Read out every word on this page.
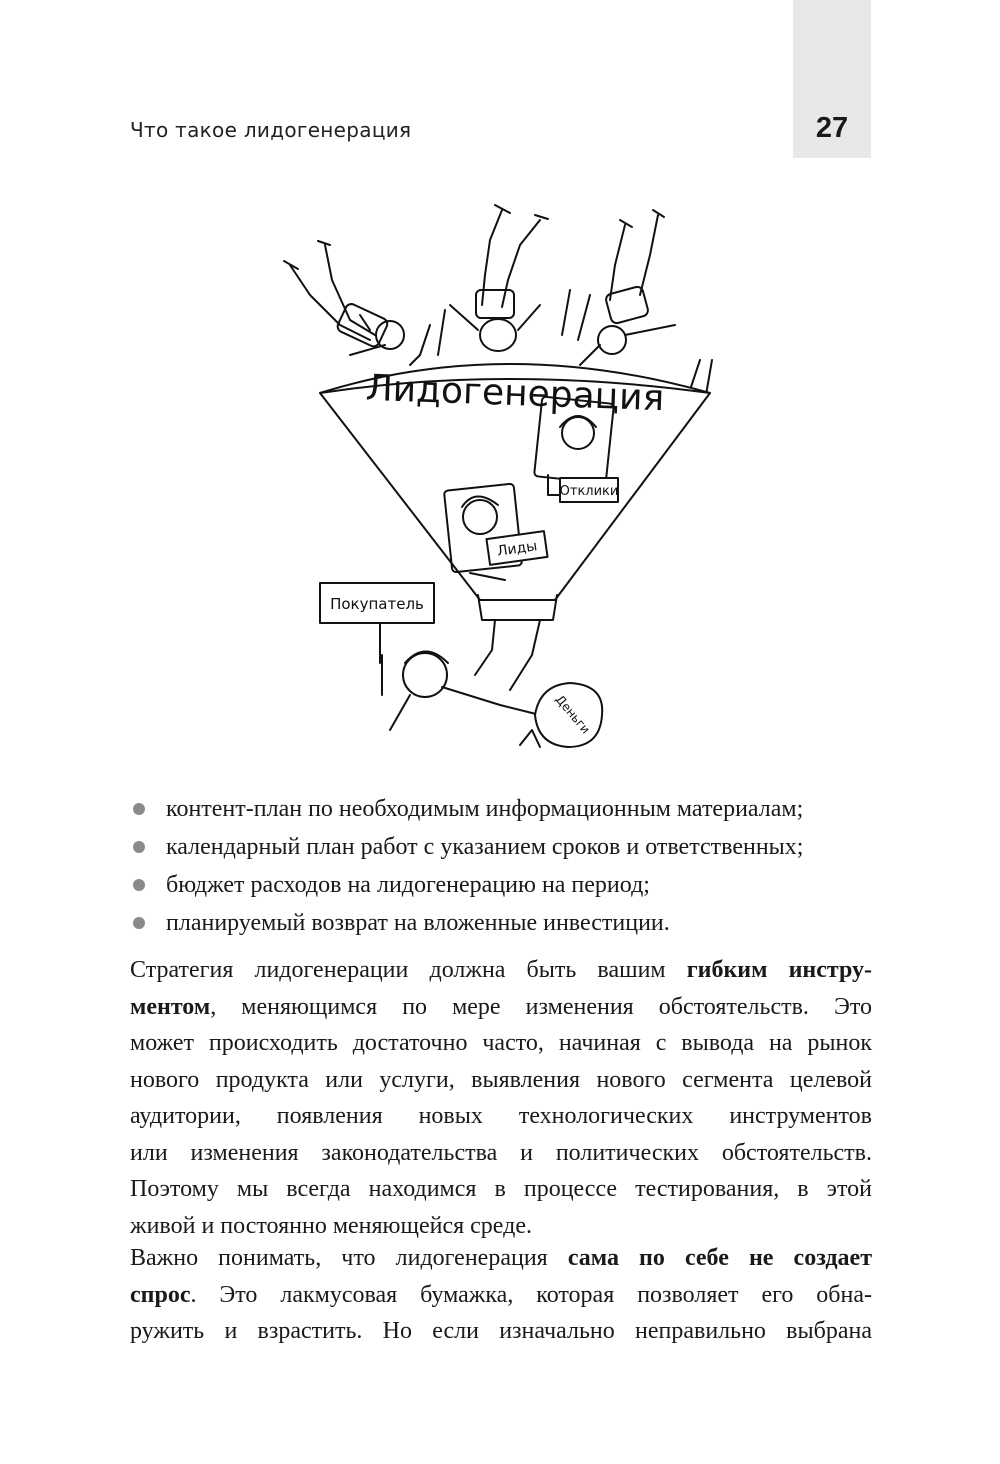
27
Что такое лидогенерация
Лидогенерация
Отклики
Лиды
Покупатель
Деньги
контент-план по необходимым информационным материалам;
календарный план работ с указанием сроков и ответственных;
бюджет расходов на лидогенерацию на период;
планируемый возврат на вложенные инвестиции.

Стратегия лидогенерации должна быть вашим гибким инстру-
ментом, меняющимся по мере изменения обстоятельств. Это
может происходить достаточно часто, начиная с вывода на рынок
нового продукта или услуги, выявления нового сегмента целевой
аудитории, появления новых технологических инструментов
или изменения законодательства и политических обстоятельств.
Поэтому мы всегда находимся в процессе тестирования, в этой
живой и постоянно меняющейся среде.

Важно понимать, что лидогенерация сама по себе не создает
спрос. Это лакмусовая бумажка, которая позволяет его обна-
ружить и взрастить. Но если изначально неправильно выбрана
